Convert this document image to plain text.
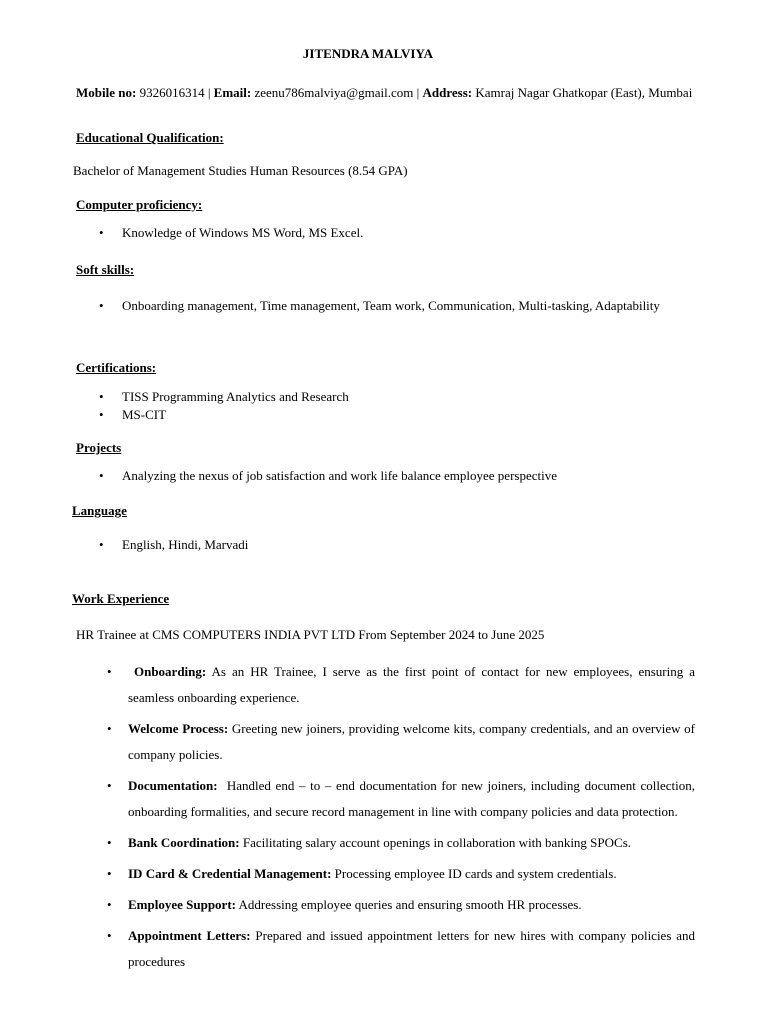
JITENDRA MALVIYA
Mobile no: 9326016314 | Email: zeenu786malviya@gmail.com | Address: Kamraj Nagar Ghatkopar (East), Mumbai
Educational Qualification:
Bachelor of Management Studies Human Resources (8.54 GPA)
Computer proficiency:
• Knowledge of Windows MS Word, MS Excel.
Soft skills:
• Onboarding management, Time management, Team work, Communication, Multi-tasking, Adaptability
Certifications:
• TISS Programming Analytics and Research
• MS-CIT
Projects
• Analyzing the nexus of job satisfaction and work life balance employee perspective
Language
• English, Hindi, Marvadi
Work Experience
HR Trainee at CMS COMPUTERS INDIA PVT LTD From September 2024 to June 2025
• Onboarding: As an HR Trainee, I serve as the first point of contact for new employees, ensuring a seamless onboarding experience.
• Welcome Process: Greeting new joiners, providing welcome kits, company credentials, and an overview of company policies.
• Documentation: Handled end – to – end documentation for new joiners, including document collection, onboarding formalities, and secure record management in line with company policies and data protection.
• Bank Coordination: Facilitating salary account openings in collaboration with banking SPOCs.
• ID Card & Credential Management: Processing employee ID cards and system credentials.
• Employee Support: Addressing employee queries and ensuring smooth HR processes.
• Appointment Letters: Prepared and issued appointment letters for new hires with company policies and procedures
